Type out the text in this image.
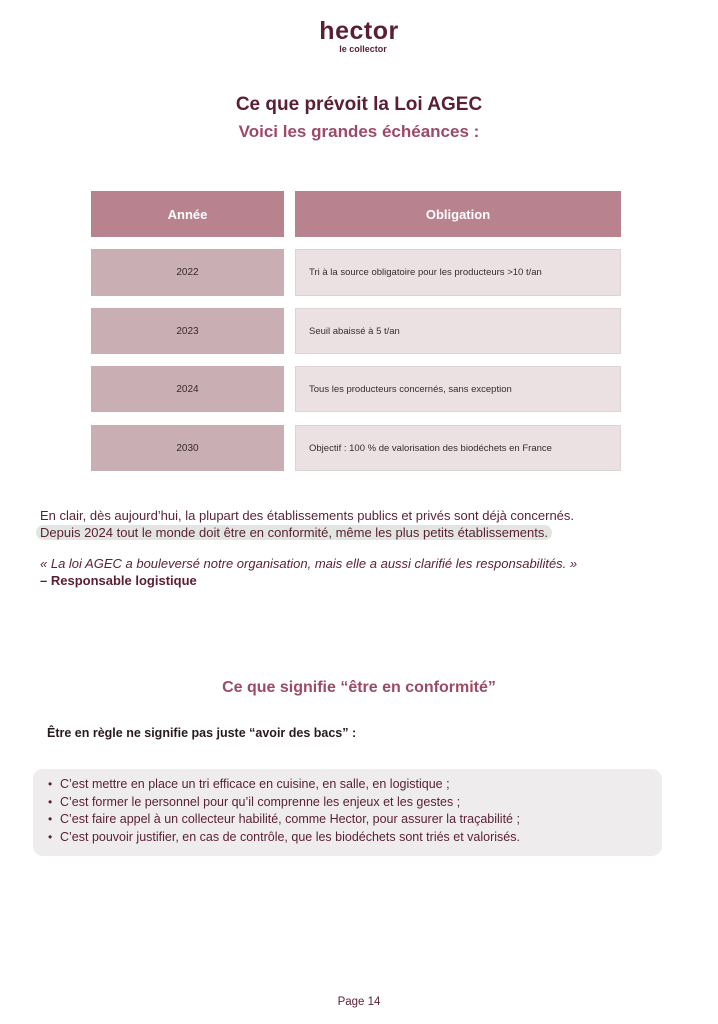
hector
le collector
Ce que prévoit la Loi AGEC
Voici les grandes échéances :
Année	Obligation
2022	Tri à la source obligatoire pour les producteurs >10 t/an
2023	Seuil abaissé à 5 t/an
2024	Tous les producteurs concernés, sans exception
2030	Objectif : 100 % de valorisation des biodéchets en France
En clair, dès aujourd’hui, la plupart des établissements publics et privés sont déjà concernés.
Depuis 2024 tout le monde doit être en conformité, même les plus petits établissements.
« La loi AGEC a bouleversé notre organisation, mais elle a aussi clarifié les responsabilités. »
– Responsable logistique
Ce que signifie “être en conformité”
Être en règle ne signifie pas juste “avoir des bacs” :
• C’est mettre en place un tri efficace en cuisine, en salle, en logistique ;
• C’est former le personnel pour qu’il comprenne les enjeux et les gestes ;
• C’est faire appel à un collecteur habilité, comme Hector, pour assurer la traçabilité ;
• C’est pouvoir justifier, en cas de contrôle, que les biodéchets sont triés et valorisés.
Page 14
